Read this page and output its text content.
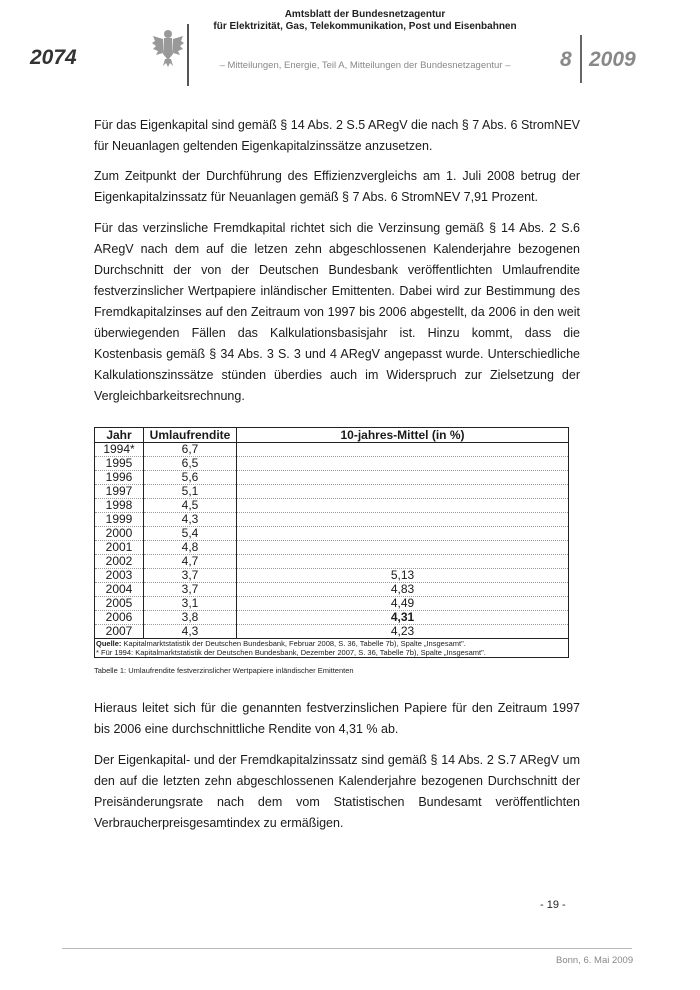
2074
Amtsblatt der Bundesnetzagentur
für Elektrizität, Gas, Telekommunikation, Post und Eisenbahnen
– Mitteilungen, Energie, Teil A, Mitteilungen der Bundesnetzagentur –	8 2009
Für das Eigenkapital sind gemäß § 14 Abs. 2 S.5 ARegV die nach § 7 Abs. 6 StromNEV für Neuanlagen geltenden Eigenkapitalzinssätze anzusetzen.
Zum Zeitpunkt der Durchführung des Effizienzvergleichs am 1. Juli 2008 betrug der Eigenkapitalzinssatz für Neuanlagen gemäß § 7 Abs. 6 StromNEV 7,91 Prozent.
Für das verzinsliche Fremdkapital richtet sich die Verzinsung gemäß § 14 Abs. 2 S.6 ARegV nach dem auf die letzen zehn abgeschlossenen Kalenderjahre bezogenen Durchschnitt der von der Deutschen Bundesbank veröffentlichten Umlaufrendite festverzinslicher Wertpapiere inländischer Emittenten. Dabei wird zur Bestimmung des Fremdkapitalzinses auf den Zeitraum von 1997 bis 2006 abgestellt, da 2006 in den weit überwiegenden Fällen das Kalkulationsbasisjahr ist. Hinzu kommt, dass die Kostenbasis gemäß § 34 Abs. 3 S. 3 und 4 ARegV angepasst wurde. Unterschiedliche Kalkulationszinssätze stünden überdies auch im Widerspruch zur Zielsetzung der Vergleichbarkeitsrechnung.
Jahr	Umlaufrendite	10-jahres-Mittel (in %)
1994*	6,7	
1995	6,5	
1996	5,6	
1997	5,1	
1998	4,5	
1999	4,3	
2000	5,4	
2001	4,8	
2002	4,7	
2003	3,7	5,13
2004	3,7	4,83
2005	3,1	4,49
2006	3,8	4,31
2007	4,3	4,23
Quelle: Kapitalmarktstatistik der Deutschen Bundesbank, Februar 2008, S. 36, Tabelle 7b), Spalte „Insgesamt".		
* Für 1994: Kapitalmarktstatistik der Deutschen Bundesbank, Dezember 2007, S. 36, Tabelle 7b), Spalte „Insgesamt".		
Tabelle 1: Umlaufrendite festverzinslicher Wertpapiere inländischer Emittenten
Hieraus leitet sich für die genannten festverzinslichen Papiere für den Zeitraum 1997 bis 2006 eine durchschnittliche Rendite von 4,31 % ab.
Der Eigenkapital- und der Fremdkapitalzinssatz sind gemäß § 14 Abs. 2 S.7 ARegV um den auf die letzten zehn abgeschlossenen Kalenderjahre bezogenen Durchschnitt der Preisänderungsrate nach dem vom Statistischen Bundesamt veröffentlichten Verbraucherpreisgesamtindex zu ermäßigen.
- 19 -
Bonn, 6. Mai 2009
